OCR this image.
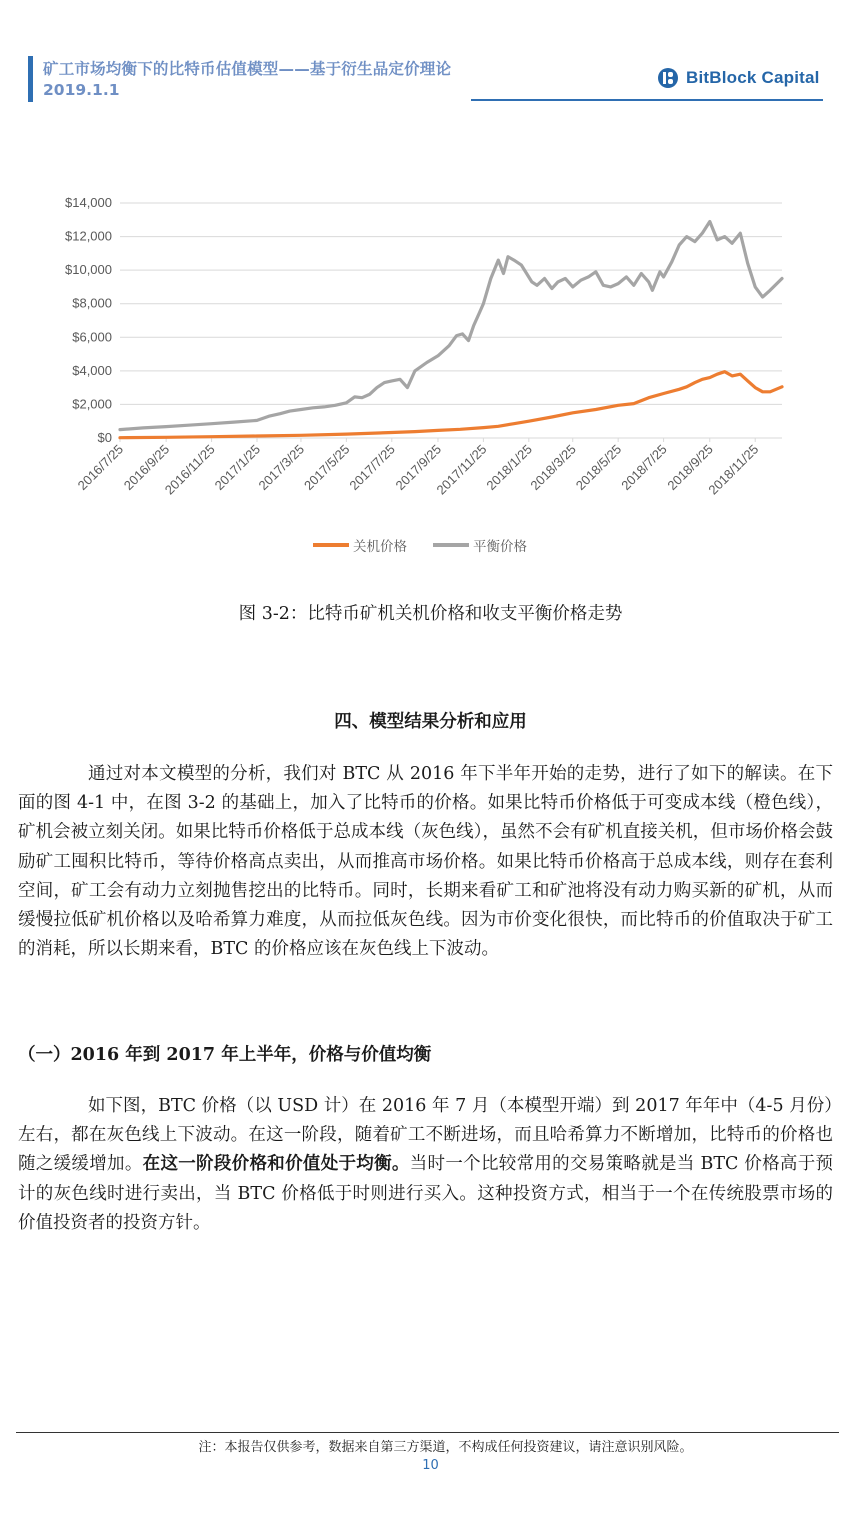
矿工市场均衡下的比特币估值模型——基于衍生品定价理论
2019.1.1
BitBlock Capital
$0
$2,000
$4,000
$6,000
$8,000
$10,000
$12,000
$14,000
2016/7/25
2016/9/25
2016/11/25
2017/1/25
2017/3/25
2017/5/25
2017/7/25
2017/9/25
2017/11/25
2018/1/25
2018/3/25
2018/5/25
2018/7/25
2018/9/25
2018/11/25
关机价格	平衡价格
图 3-2：比特币矿机关机价格和收支平衡价格走势
四、模型结果分析和应用

通过对本文模型的分析，我们对 BTC 从 2016 年下半年开始的走势，进行了如下的解读。在下面的图 4-1 中，在图 3-2 的基础上，加入了比特币的价格。如果比特币价格低于可变成本线（橙色线），矿机会被立刻关闭。如果比特币价格低于总成本线（灰色线），虽然不会有矿机直接关机，但市场价格会鼓励矿工囤积比特币，等待价格高点卖出，从而推高市场价格。如果比特币价格高于总成本线，则存在套利空间，矿工会有动力立刻抛售挖出的比特币。同时，长期来看矿工和矿池将没有动力购买新的矿机，从而缓慢拉低矿机价格以及哈希算力难度，从而拉低灰色线。因为市价变化很快，而比特币的价值取决于矿工的消耗，所以长期来看，BTC 的价格应该在灰色线上下波动。

（一）2016 年到 2017 年上半年，价格与价值均衡

如下图，BTC 价格（以 USD 计）在 2016 年 7 月（本模型开端）到 2017 年年中（4-5 月份）左右，都在灰色线上下波动。在这一阶段，随着矿工不断进场，而且哈希算力不断增加，比特币的价格也随之缓缓增加。在这一阶段价格和价值处于均衡。当时一个比较常用的交易策略就是当 BTC 价格高于预计的灰色线时进行卖出，当 BTC 价格低于时则进行买入。这种投资方式，相当于一个在传统股票市场的价值投资者的投资方针。

注：本报告仅供参考，数据来自第三方渠道，不构成任何投资建议，请注意识别风险。
10
